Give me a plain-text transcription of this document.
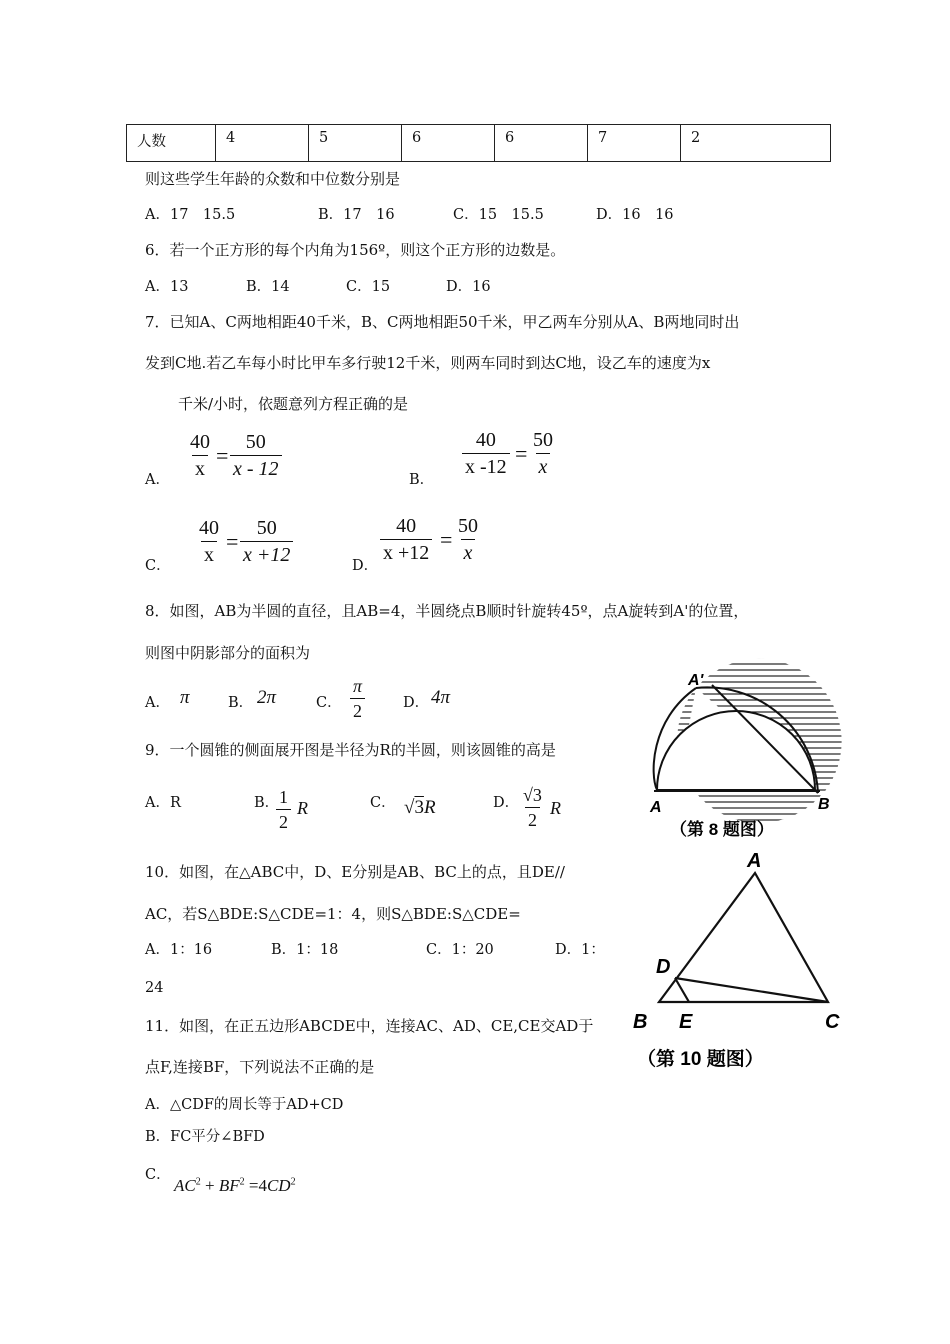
人数	4	5	6	6	7	2
则这些学生年龄的众数和中位数分别是
A．17　15.5	B．17　16	C．15　15.5	D．16　16
6．若一个正方形的每个内角为156º，则这个正方形的边数是。
A．13	B．14	C．15	D．16
7．已知A、C两地相距40千米，B、C两地相距50千米，甲乙两车分别从A、B两地同时出
发到C地.若乙车每小时比甲车多行驶12千米，则两车同时到达C地，设乙车的速度为x
千米/小时，依题意列方程正确的是
A．
$\frac{40}{x} = \frac{50}{x - 12}$
B．
$\frac{40}{x -12} = \frac{50}{x}$
C．
$\frac{40}{x} = \frac{50}{x +12}$
D．
$\frac{40}{x +12} = \frac{50}{x}$
8．如图，AB为半圆的直径，且AB=4，半圆绕点B顺时针旋转45º，点A旋转到A'的位置，
则图中阴影部分的面积为
A． π	B． 2π	C． $\frac{\pi}{2}$	D． 4π
9．一个圆锥的侧面展开图是半径为R的半圆，则该圆锥的高是
A．R	B．
$\frac{1}{2}$ R	C． √3R	D． $\frac{√3}{2}$ R
10．如图，在△ABC中，D、E分别是AB、BC上的点，且DE//
AC，若S△BDE:S△CDE=1：4，则S△BDE:S△CDE=
A．1：16	B．1：18	C．1：20	D．1：
24
11．如图，在正五边形ABCDE中，连接AC、AD、CE,CE交AD于
点F,连接BF，下列说法不正确的是
A．△CDF的周长等于AD+CD
B．FC平分∠BFD
C．
$AC^2 + BF^2 =4CD^2$
A'
A	B
（第 8 题图）
A
D
B E	C
（第 10 题图）
